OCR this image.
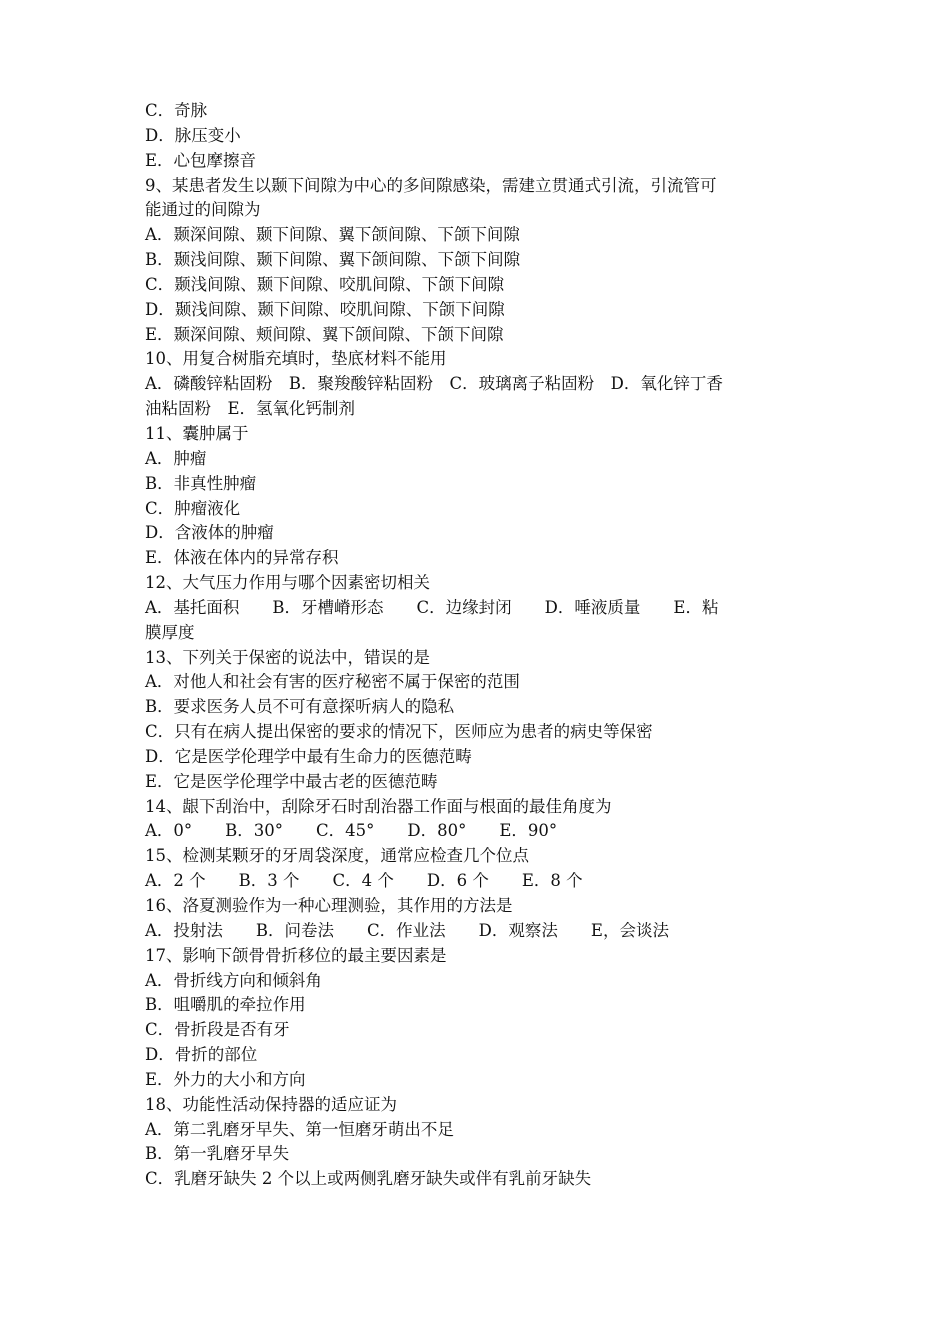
C．奇脉
D．脉压变小
E．心包摩擦音
9、某患者发生以颞下间隙为中心的多间隙感染，需建立贯通式引流，引流管可
能通过的间隙为
A．颞深间隙、颞下间隙、翼下颌间隙、下颌下间隙
B．颞浅间隙、颞下间隙、翼下颌间隙、下颌下间隙
C．颞浅间隙、颞下间隙、咬肌间隙、下颌下间隙
D．颞浅间隙、颞下间隙、咬肌间隙、下颌下间隙
E．颞深间隙、颊间隙、翼下颌间隙、下颌下间隙
10、用复合树脂充填时，垫底材料不能用
A．磷酸锌粘固粉　B．聚羧酸锌粘固粉　C．玻璃离子粘固粉　D．氧化锌丁香
油粘固粉　E．氢氧化钙制剂
11、囊肿属于
A．肿瘤
B．非真性肿瘤
C．肿瘤液化
D．含液体的肿瘤
E．体液在体内的异常存积
12、大气压力作用与哪个因素密切相关
A．基托面积　　B．牙槽嵴形态　　C．边缘封闭　　D．唾液质量　　E．粘
膜厚度
13、下列关于保密的说法中，错误的是
A．对他人和社会有害的医疗秘密不属于保密的范围
B．要求医务人员不可有意探听病人的隐私
C．只有在病人提出保密的要求的情况下，医师应为患者的病史等保密
D．它是医学伦理学中最有生命力的医德范畴
E．它是医学伦理学中最古老的医德范畴
14、龈下刮治中，刮除牙石时刮治器工作面与根面的最佳角度为
A．0°　　B．30°　　C．45°　　D．80°　　E．90°
15、检测某颗牙的牙周袋深度，通常应检查几个位点
A．2 个　　B．3 个　　C．4 个　　D．6 个　　E．8 个
16、洛夏测验作为一种心理测验，其作用的方法是
A．投射法　　B．问卷法　　C．作业法　　D．观察法　　E，会谈法
17、影响下颌骨骨折移位的最主要因素是
A．骨折线方向和倾斜角
B．咀嚼肌的牵拉作用
C．骨折段是否有牙
D．骨折的部位
E．外力的大小和方向
18、功能性活动保持器的适应证为
A．第二乳磨牙早失、第一恒磨牙萌出不足
B．第一乳磨牙早失
C．乳磨牙缺失 2 个以上或两侧乳磨牙缺失或伴有乳前牙缺失
